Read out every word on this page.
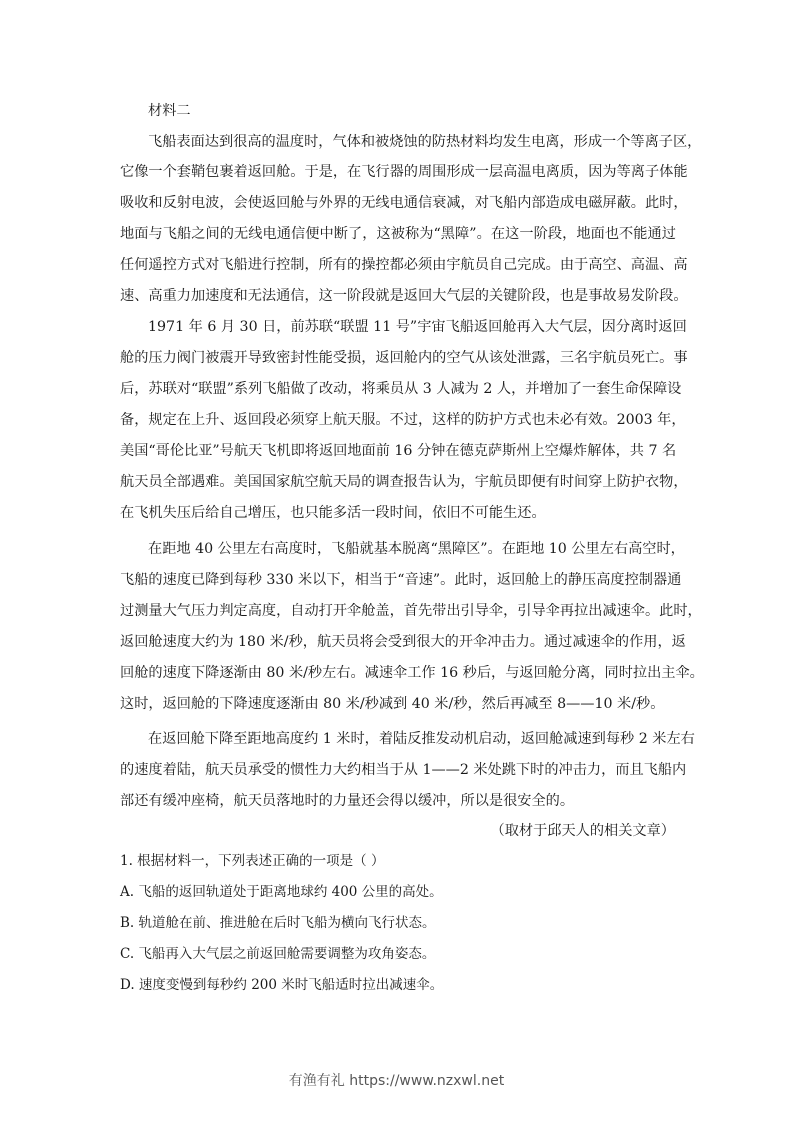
材料二
飞船表面达到很高的温度时，气体和被烧蚀的防热材料均发生电离，形成一个等离子区，
它像一个套鞘包裹着返回舱。于是，在飞行器的周围形成一层高温电离质，因为等离子体能
吸收和反射电波，会使返回舱与外界的无线电通信衰减，对飞船内部造成电磁屏蔽。此时，
地面与飞船之间的无线电通信便中断了，这被称为“黑障”。在这一阶段，地面也不能通过
任何遥控方式对飞船进行控制，所有的操控都必须由宇航员自己完成。由于高空、高温、高
速、高重力加速度和无法通信，这一阶段就是返回大气层的关键阶段，也是事故易发阶段。
1971 年 6 月 30 日，前苏联“联盟 11 号”宇宙飞船返回舱再入大气层，因分离时返回
舱的压力阀门被震开导致密封性能受损，返回舱内的空气从该处泄露，三名宇航员死亡。事
后，苏联对“联盟”系列飞船做了改动，将乘员从 3 人减为 2 人，并增加了一套生命保障设
备，规定在上升、返回段必须穿上航天服。不过，这样的防护方式也未必有效。2003 年，
美国“哥伦比亚”号航天飞机即将返回地面前 16 分钟在德克萨斯州上空爆炸解体，共 7 名
航天员全部遇难。美国国家航空航天局的调查报告认为，宇航员即便有时间穿上防护衣物，
在飞机失压后给自己增压，也只能多活一段时间，依旧不可能生还。
在距地 40 公里左右高度时，飞船就基本脱离“黑障区”。在距地 10 公里左右高空时，
飞船的速度已降到每秒 330 米以下，相当于“音速”。此时，返回舱上的静压高度控制器通
过测量大气压力判定高度，自动打开伞舱盖，首先带出引导伞，引导伞再拉出减速伞。此时，
返回舱速度大约为 180 米/秒，航天员将会受到很大的开伞冲击力。通过减速伞的作用，返
回舱的速度下降逐渐由 80 米/秒左右。减速伞工作 16 秒后，与返回舱分离，同时拉出主伞。
这时，返回舱的下降速度逐渐由 80 米/秒减到 40 米/秒，然后再减至 8——10 米/秒。
在返回舱下降至距地高度约 1 米时，着陆反推发动机启动，返回舱减速到每秒 2 米左右
的速度着陆，航天员承受的惯性力大约相当于从 1——2 米处跳下时的冲击力，而且飞船内
部还有缓冲座椅，航天员落地时的力量还会得以缓冲，所以是很安全的。
（取材于邱天人的相关文章）
1. 根据材料一，下列表述正确的一项是（ ）
A. 飞船的返回轨道处于距离地球约 400 公里的高处。
B. 轨道舱在前、推进舱在后时飞船为横向飞行状态。
C. 飞船再入大气层之前返回舱需要调整为攻角姿态。
D. 速度变慢到每秒约 200 米时飞船适时拉出减速伞。
有渔有礼 https://www.nzxwl.net
